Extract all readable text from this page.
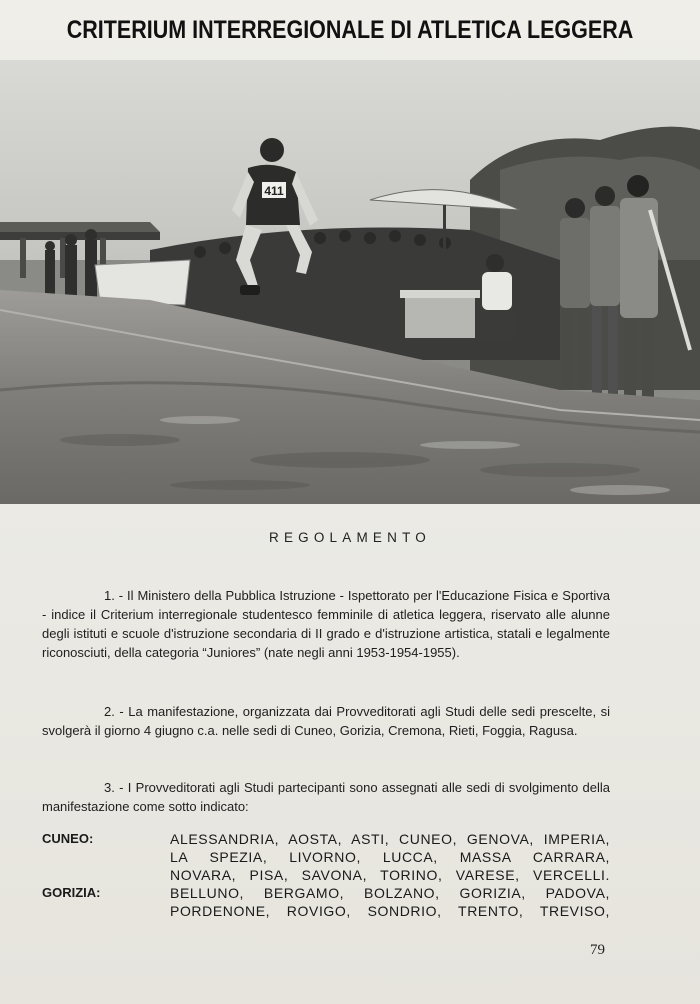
CRITERIUM INTERREGIONALE DI ATLETICA LEGGERA
411
REGOLAMENTO

1. - Il Ministero della Pubblica Istruzione - Ispettorato per l'Educazione Fisica e Sportiva - indice il Criterium interregionale studentesco femminile di atletica leggera, riservato alle alunne degli istituti e scuole d'istruzione secondaria di II grado e d'istruzione artistica, statali e legalmente riconosciuti, della categoria “Juniores” (nate negli anni 1953-1954-1955).

2. - La manifestazione, organizzata dai Provveditorati agli Studi delle sedi prescelte, si svolgerà il giorno 4 giugno c.a. nelle sedi di Cuneo, Gorizia, Cremona, Rieti, Foggia, Ragusa.

3. - I Provveditorati agli Studi partecipanti sono assegnati alle sedi di svolgimento della manifestazione come sotto indicato:

CUNEO:	ALESSANDRIA, AOSTA, ASTI, CUNEO, GENOVA, IMPERIA,
LA SPEZIA, LIVORNO, LUCCA, MASSA CARRARA,
NOVARA, PISA, SAVONA, TORINO, VARESE, VERCELLI.
GORIZIA:	BELLUNO, BERGAMO, BOLZANO, GORIZIA, PADOVA,
PORDENONE, ROVIGO, SONDRIO, TRENTO, TREVISO,
79
